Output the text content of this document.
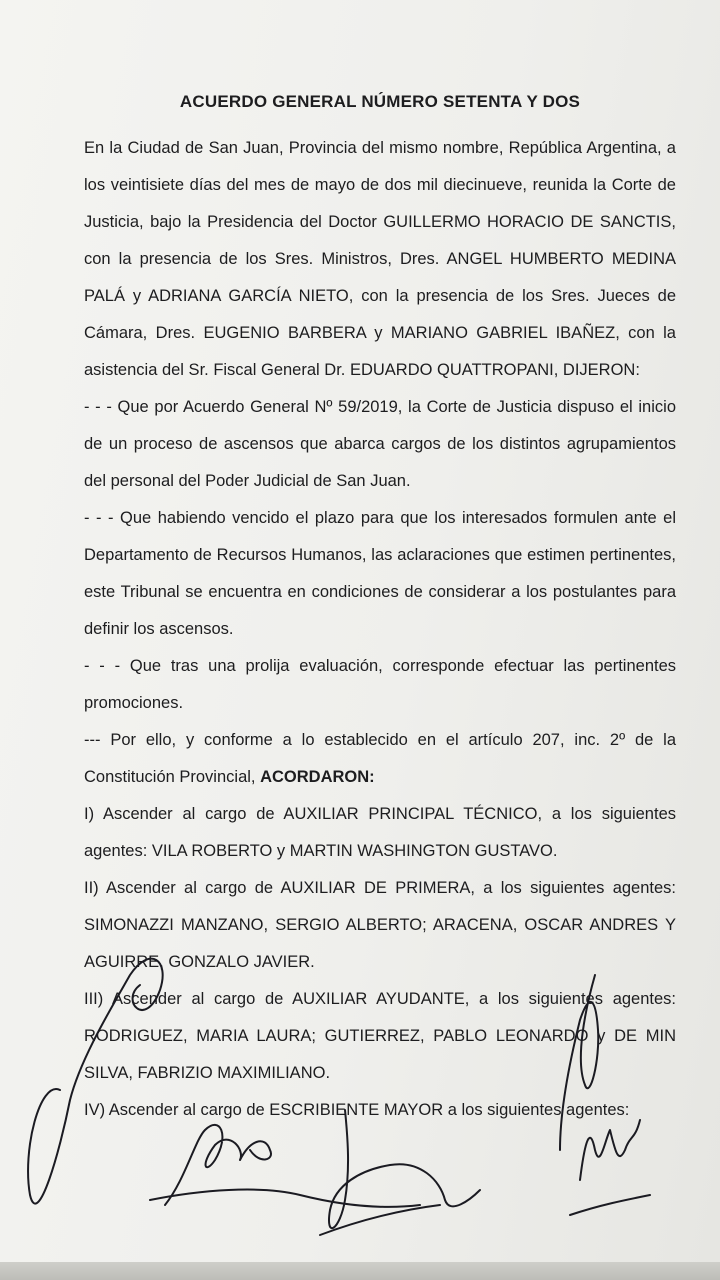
ACUERDO GENERAL NÚMERO SETENTA Y DOS

En la Ciudad de San Juan, Provincia del mismo nombre, República Argentina, a los veintisiete días del mes de mayo de dos mil diecinueve, reunida la Corte de Justicia, bajo la Presidencia del Doctor GUILLERMO HORACIO DE SANCTIS, con la presencia de los Sres. Ministros, Dres. ANGEL HUMBERTO MEDINA PALÁ y ADRIANA GARCÍA NIETO, con la presencia de los Sres. Jueces de Cámara, Dres. EUGENIO BARBERA y MARIANO GABRIEL IBAÑEZ, con la asistencia del Sr. Fiscal General Dr. EDUARDO QUATTROPANI, DIJERON:

- - - Que por Acuerdo General Nº 59/2019, la Corte de Justicia dispuso el inicio de un proceso de ascensos que abarca cargos de los distintos agrupamientos del personal del Poder Judicial de San Juan.

- - - Que habiendo vencido el plazo para que los interesados formulen ante el Departamento de Recursos Humanos, las aclaraciones que estimen pertinentes, este Tribunal se encuentra en condiciones de considerar a los postulantes para definir los ascensos.

- - - Que tras una prolija evaluación, corresponde efectuar las pertinentes promociones.

--- Por ello, y conforme a lo establecido en el artículo 207, inc. 2º de la Constitución Provincial, ACORDARON:

I) Ascender al cargo de AUXILIAR PRINCIPAL TÉCNICO, a los siguientes agentes: VILA ROBERTO y MARTIN WASHINGTON GUSTAVO.

II) Ascender al cargo de AUXILIAR DE PRIMERA, a los siguientes agentes: SIMONAZZI MANZANO, SERGIO ALBERTO; ARACENA, OSCAR ANDRES Y AGUIRRE, GONZALO JAVIER.

III) Ascender al cargo de AUXILIAR AYUDANTE, a los siguientes agentes: RODRIGUEZ, MARIA LAURA; GUTIERREZ, PABLO LEONARDO y DE MIN SILVA, FABRIZIO MAXIMILIANO.

IV) Ascender al cargo de ESCRIBIENTE MAYOR a los siguientes agentes:
